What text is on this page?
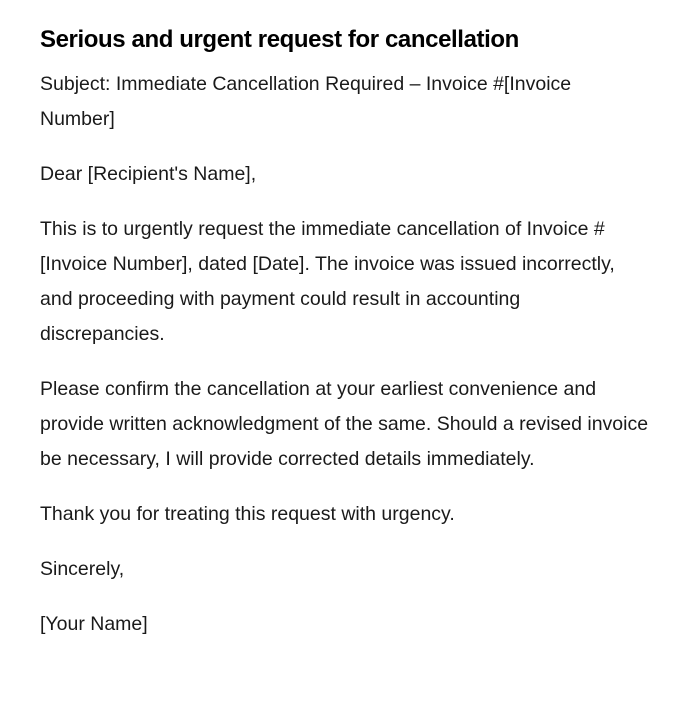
Serious and urgent request for cancellation

Subject: Immediate Cancellation Required – Invoice #[Invoice Number]

Dear [Recipient's Name],

This is to urgently request the immediate cancellation of Invoice #[Invoice Number], dated [Date]. The invoice was issued incorrectly, and proceeding with payment could result in accounting discrepancies.

Please confirm the cancellation at your earliest convenience and provide written acknowledgment of the same. Should a revised invoice be necessary, I will provide corrected details immediately.

Thank you for treating this request with urgency.

Sincerely,

[Your Name]
